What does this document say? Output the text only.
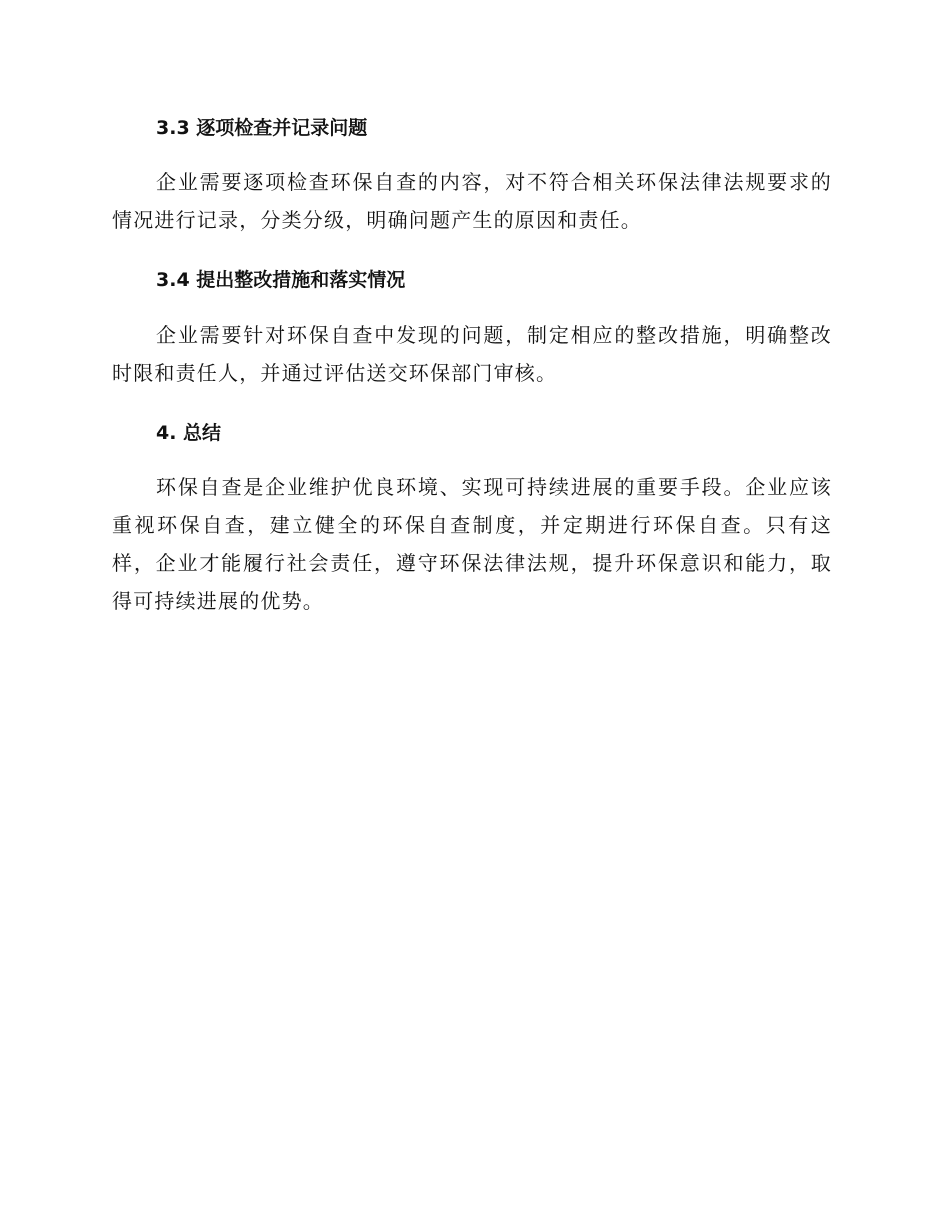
3.3 逐项检查并记录问题

企业需要逐项检查环保自查的内容，对不符合相关环保法律法规要求的情况进行记录，分类分级，明确问题产生的原因和责任。

3.4 提出整改措施和落实情况

企业需要针对环保自查中发现的问题，制定相应的整改措施，明确整改时限和责任人，并通过评估送交环保部门审核。

4. 总结

环保自查是企业维护优良环境、实现可持续进展的重要手段。企业应该重视环保自查，建立健全的环保自查制度，并定期进行环保自查。只有这样，企业才能履行社会责任，遵守环保法律法规，提升环保意识和能力，取得可持续进展的优势。
